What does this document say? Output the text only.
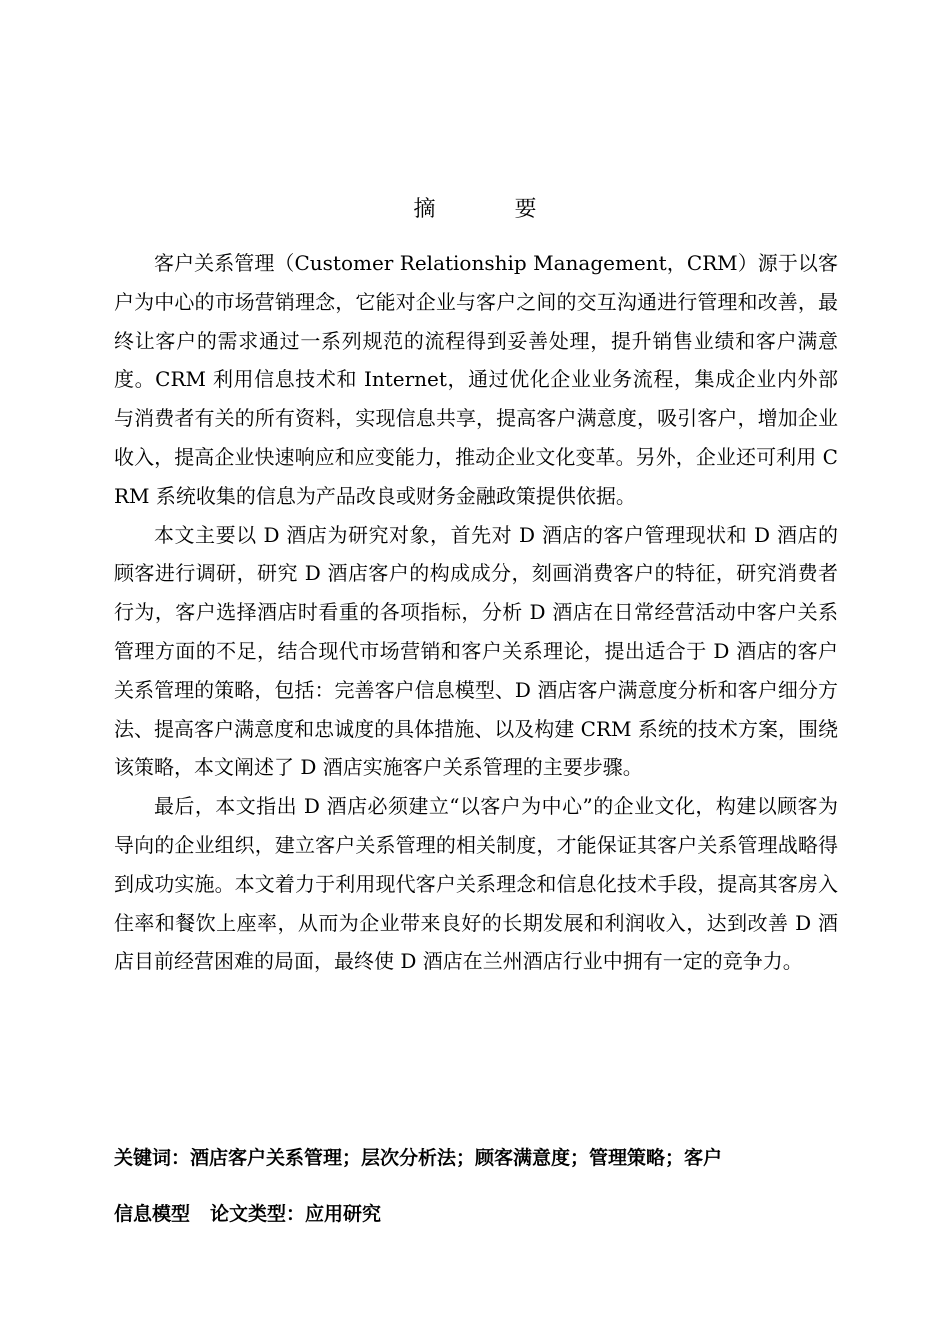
摘 要

客户关系管理（Customer Relationship Management，CRM）源于以客户为中心的市场营销理念，它能对企业与客户之间的交互沟通进行管理和改善，最终让客户的需求通过一系列规范的流程得到妥善处理，提升销售业绩和客户满意度。CRM 利用信息技术和 Internet，通过优化企业业务流程，集成企业内外部与消费者有关的所有资料，实现信息共享，提高客户满意度，吸引客户，增加企业收入，提高企业快速响应和应变能力，推动企业文化变革。另外，企业还可利用 CRM 系统收集的信息为产品改良或财务金融政策提供依据。

本文主要以 D 酒店为研究对象，首先对 D 酒店的客户管理现状和 D 酒店的顾客进行调研，研究 D 酒店客户的构成成分，刻画消费客户的特征，研究消费者行为，客户选择酒店时看重的各项指标，分析 D 酒店在日常经营活动中客户关系管理方面的不足，结合现代市场营销和客户关系理论，提出适合于 D 酒店的客户关系管理的策略，包括：完善客户信息模型、D 酒店客户满意度分析和客户细分方法、提高客户满意度和忠诚度的具体措施、以及构建 CRM 系统的技术方案，围绕该策略，本文阐述了 D 酒店实施客户关系管理的主要步骤。

最后，本文指出 D 酒店必须建立“以客户为中心”的企业文化，构建以顾客为导向的企业组织，建立客户关系管理的相关制度，才能保证其客户关系管理战略得到成功实施。本文着力于利用现代客户关系理念和信息化技术手段，提高其客房入住率和餐饮上座率，从而为企业带来良好的长期发展和利润收入，达到改善 D 酒店目前经营困难的局面，最终使 D 酒店在兰州酒店行业中拥有一定的竞争力。

关键词：酒店客户关系管理；层次分析法；顾客满意度；管理策略；客户
信息模型 论文类型：应用研究
